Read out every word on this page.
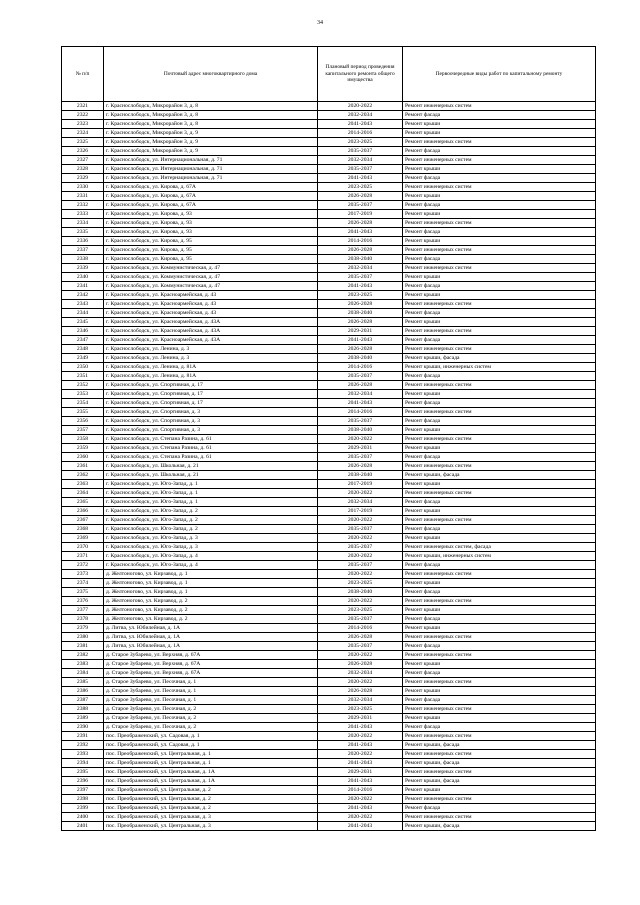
34
№ п/п	Почтовый адрес многоквартирного дома	Плановый период проведения капитального ремонта общего имущества	Первоочередные виды работ по капитальному ремонту
2321	г. Краснослободск, Микрорайон 3, д. 8	2020-2022	Ремонт инженерных систем
2322	г. Краснослободск, Микрорайон 3, д. 8	2032-2034	Ремонт фасада
2323	г. Краснослободск, Микрорайон 3, д. 8	2041-2043	Ремонт крыши
2324	г. Краснослободск, Микрорайон 3, д. 9	2014-2016	Ремонт крыши
2325	г. Краснослободск, Микрорайон 3, д. 9	2023-2025	Ремонт инженерных систем
2326	г. Краснослободск, Микрорайон 3, д. 9	2035-2037	Ремонт фасада
2327	г. Краснослободск, ул. Интернациональная, д. 71	2032-2034	Ремонт инженерных систем
2328	г. Краснослободск, ул. Интернациональная, д. 71	2035-2037	Ремонт крыши
2329	г. Краснослободск, ул. Интернациональная, д. 71	2041-2043	Ремонт фасада
2330	г. Краснослободск, ул. Кирова, д. 67А	2023-2025	Ремонт инженерных систем
2331	г. Краснослободск, ул. Кирова, д. 67А	2026-2028	Ремонт крыши
2332	г. Краснослободск, ул. Кирова, д. 67А	2035-2037	Ремонт фасада
2333	г. Краснослободск, ул. Кирова, д. 93	2017-2019	Ремонт крыши
2334	г. Краснослободск, ул. Кирова, д. 93	2026-2028	Ремонт инженерных систем
2335	г. Краснослободск, ул. Кирова, д. 93	2041-2043	Ремонт фасада
2336	г. Краснослободск, ул. Кирова, д. 95	2014-2016	Ремонт крыши
2337	г. Краснослободск, ул. Кирова, д. 95	2026-2028	Ремонт инженерных систем
2338	г. Краснослободск, ул. Кирова, д. 95	2038-2040	Ремонт фасада
2339	г. Краснослободск, ул. Коммунистическая, д. 47	2032-2034	Ремонт инженерных систем
2340	г. Краснослободск, ул. Коммунистическая, д. 47	2035-2037	Ремонт крыши
2341	г. Краснослободск, ул. Коммунистическая, д. 47	2041-2043	Ремонт фасада
2342	г. Краснослободск, ул. Красноармейская, д. 43	2023-2025	Ремонт крыши
2343	г. Краснослободск, ул. Красноармейская, д. 43	2026-2028	Ремонт инженерных систем
2344	г. Краснослободск, ул. Красноармейская, д. 43	2038-2040	Ремонт фасада
2345	г. Краснослободск, ул. Красноармейская, д. 43А	2026-2028	Ремонт крыши
2346	г. Краснослободск, ул. Красноармейская, д. 43А	2029-2031	Ремонт инженерных систем
2347	г. Краснослободск, ул. Красноармейская, д. 43А	2041-2043	Ремонт фасада
2348	г. Краснослободск, ул. Ленина, д. 3	2026-2028	Ремонт инженерных систем
2349	г. Краснослободск, ул. Ленина, д. 3	2038-2040	Ремонт крыши, фасада
2350	г. Краснослободск, ул. Ленина, д. 81А	2014-2016	Ремонт крыши, инженерных систем
2351	г. Краснослободск, ул. Ленина, д. 81А	2035-2037	Ремонт фасада
2352	г. Краснослободск, ул. Спортивная, д. 17	2026-2028	Ремонт инженерных систем
2353	г. Краснослободск, ул. Спортивная, д. 17	2032-2034	Ремонт крыши
2354	г. Краснослободск, ул. Спортивная, д. 17	2041-2043	Ремонт фасада
2355	г. Краснослободск, ул. Спортивная, д. 3	2014-2016	Ремонт инженерных систем
2356	г. Краснослободск, ул. Спортивная, д. 3	2035-2037	Ремонт фасада
2357	г. Краснослободск, ул. Спортивная, д. 3	2038-2040	Ремонт крыши
2358	г. Краснослободск, ул. Степана Разина, д. 61	2020-2022	Ремонт инженерных систем
2359	г. Краснослободск, ул. Степана Разина, д. 61	2029-2031	Ремонт крыши
2360	г. Краснослободск, ул. Степана Разина, д. 61	2035-2037	Ремонт фасада
2361	г. Краснослободск, ул. Школьная, д. 21	2026-2028	Ремонт инженерных систем
2362	г. Краснослободск, ул. Школьная, д. 21	2038-2040	Ремонт крыши, фасада
2363	г. Краснослободск, ул. Юго-Запад, д. 1	2017-2019	Ремонт крыши
2364	г. Краснослободск, ул. Юго-Запад, д. 1	2020-2022	Ремонт инженерных систем
2365	г. Краснослободск, ул. Юго-Запад, д. 1	2032-2034	Ремонт фасада
2366	г. Краснослободск, ул. Юго-Запад, д. 2	2017-2019	Ремонт крыши
2367	г. Краснослободск, ул. Юго-Запад, д. 2	2020-2022	Ремонт инженерных систем
2368	г. Краснослободск, ул. Юго-Запад, д. 2	2035-2037	Ремонт фасада
2369	г. Краснослободск, ул. Юго-Запад, д. 3	2020-2022	Ремонт крыши
2370	г. Краснослободск, ул. Юго-Запад, д. 3	2035-2037	Ремонт инженерных систем, фасада
2371	г. Краснослободск, ул. Юго-Запад, д. 4	2020-2022	Ремонт крыши, инженерных систем
2372	г. Краснослободск, ул. Юго-Запад, д. 4	2035-2037	Ремонт фасада
2373	д. Желтоногово, ул. Кирзавод, д. 1	2020-2022	Ремонт инженерных систем
2374	д. Желтоногово, ул. Кирзавод, д. 1	2023-2025	Ремонт крыши
2375	д. Желтоногово, ул. Кирзавод, д. 1	2038-2040	Ремонт фасада
2376	д. Желтоногово, ул. Кирзавод, д. 2	2020-2022	Ремонт инженерных систем
2377	д. Желтоногово, ул. Кирзавод, д. 2	2023-2025	Ремонт крыши
2378	д. Желтоногово, ул. Кирзавод, д. 2	2035-2037	Ремонт фасада
2379	д. Литва, ул. Юбилейная, д. 1А	2014-2016	Ремонт крыши
2380	д. Литва, ул. Юбилейная, д. 1А	2026-2028	Ремонт инженерных систем
2381	д. Литва, ул. Юбилейная, д. 1А	2035-2037	Ремонт фасада
2382	д. Старое Зубарево, ул. Верхняя, д. 67А	2020-2022	Ремонт инженерных систем
2383	д. Старое Зубарево, ул. Верхняя, д. 67А	2026-2028	Ремонт крыши
2384	д. Старое Зубарево, ул. Верхняя, д. 67А	2032-2034	Ремонт фасада
2385	д. Старое Зубарево, ул. Песочная, д. 1	2020-2022	Ремонт инженерных систем
2386	д. Старое Зубарево, ул. Песочная, д. 1	2026-2028	Ремонт крыши
2387	д. Старое Зубарево, ул. Песочная, д. 1	2032-2034	Ремонт фасада
2388	д. Старое Зубарево, ул. Песочная, д. 2	2023-2025	Ремонт инженерных систем
2389	д. Старое Зубарево, ул. Песочная, д. 2	2029-2031	Ремонт крыши
2390	д. Старое Зубарево, ул. Песочная, д. 2	2041-2043	Ремонт фасада
2391	пос. Преображенский, ул. Садовая, д. 1	2020-2022	Ремонт инженерных систем
2392	пос. Преображенский, ул. Садовая, д. 1	2041-2043	Ремонт крыши, фасада
2393	пос. Преображенский, ул. Центральная, д. 1	2020-2022	Ремонт инженерных систем
2394	пос. Преображенский, ул. Центральная, д. 1	2041-2043	Ремонт крыши, фасада
2395	пос. Преображенский, ул. Центральная, д. 1А	2029-2031	Ремонт инженерных систем
2396	пос. Преображенский, ул. Центральная, д. 1А	2041-2043	Ремонт крыши, фасада
2397	пос. Преображенский, ул. Центральная, д. 2	2014-2016	Ремонт крыши
2398	пос. Преображенский, ул. Центральная, д. 2	2020-2022	Ремонт инженерных систем
2399	пос. Преображенский, ул. Центральная, д. 2	2041-2043	Ремонт фасада
2400	пос. Преображенский, ул. Центральная, д. 3	2020-2022	Ремонт инженерных систем
2401	пос. Преображенский, ул. Центральная, д. 3	2041-2043	Ремонт крыши, фасада
